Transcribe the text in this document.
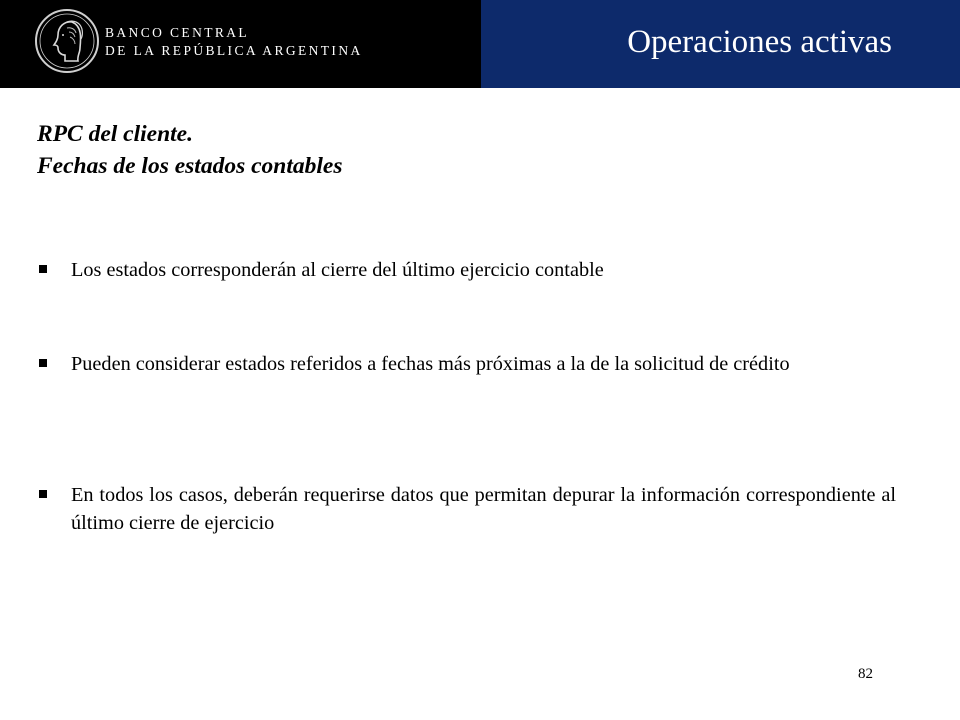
BANCO CENTRAL
DE LA REPÚBLICA ARGENTINA	Operaciones activas
RPC del cliente.
Fechas de los estados contables
Los estados corresponderán al cierre del último ejercicio contable
Pueden considerar estados referidos a fechas más próximas a la de la solicitud de crédito
En todos los casos, deberán requerirse datos que permitan depurar la información correspondiente al último cierre de ejercicio
82
